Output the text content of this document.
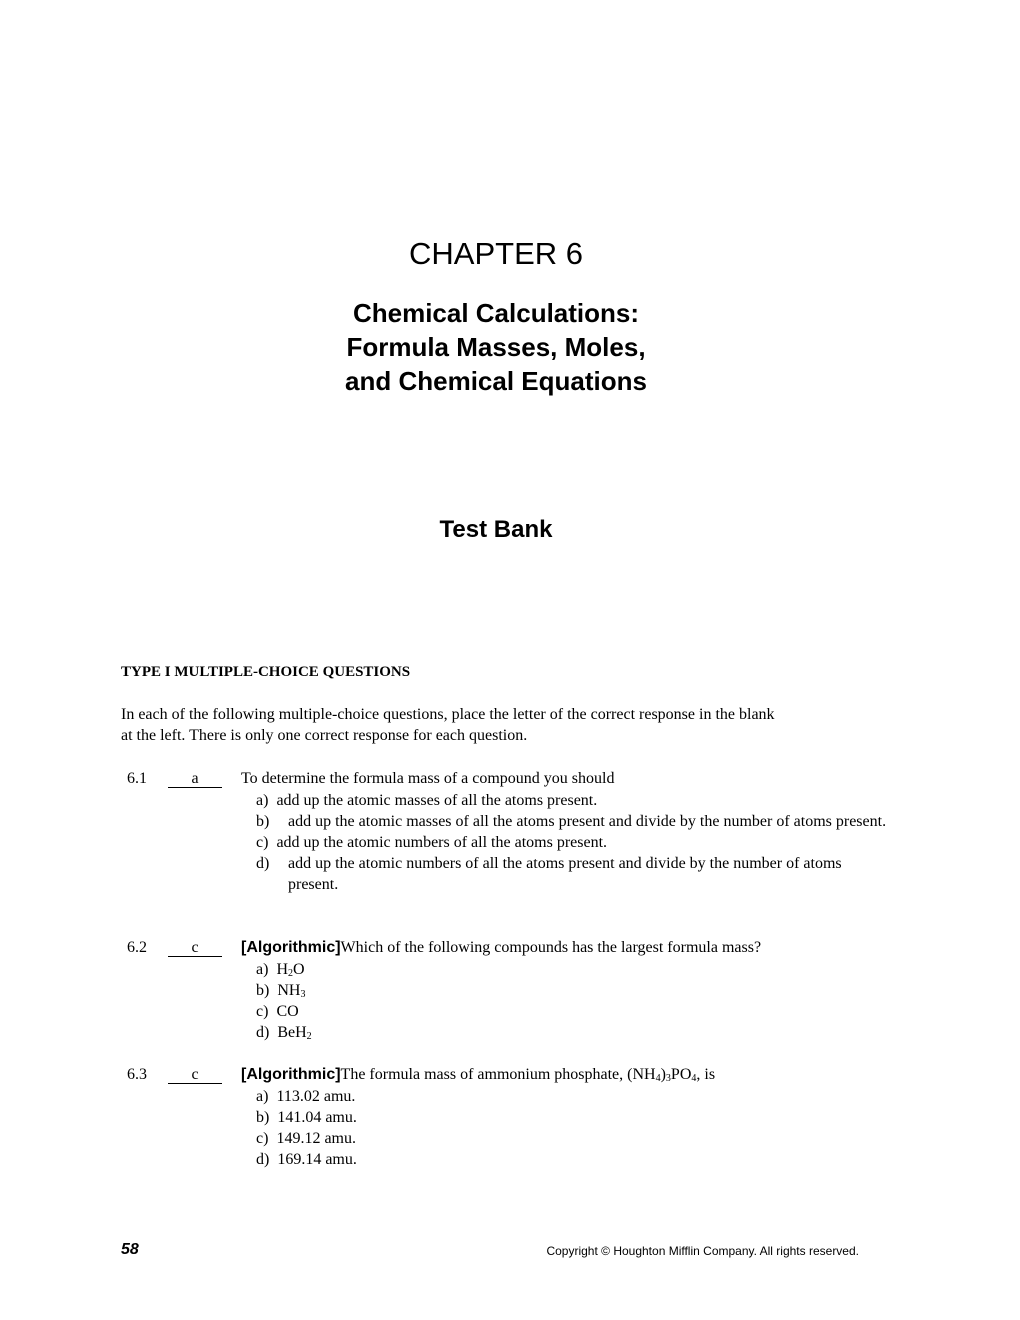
CHAPTER 6
Chemical Calculations:
Formula Masses, Moles,
and Chemical Equations
Test Bank
TYPE I MULTIPLE-CHOICE QUESTIONS
In each of the following multiple-choice questions, place the letter of the correct response in the blank
at the left. There is only one correct response for each question.
6.1	a	To determine the formula mass of a compound you should
a) add up the atomic masses of all the atoms present.
b) add up the atomic masses of all the atoms present and divide by the number of atoms present.
c) add up the atomic numbers of all the atoms present.
d) add up the atomic numbers of all the atoms present and divide by the number of atoms present.
6.2	c	[Algorithmic]Which of the following compounds has the largest formula mass?
a) $H_2O$
b) $NH_3$
c) CO
d) BeH$_2$
6.3	c	[Algorithmic]The formula mass of ammonium phosphate, $(NH_4)_3PO_4$, is
a) 113.02 amu.
b) 141.04 amu.
c) 149.12 amu.
d) 169.14 amu.
58	Copyright © Houghton Mifflin Company. All rights reserved.
